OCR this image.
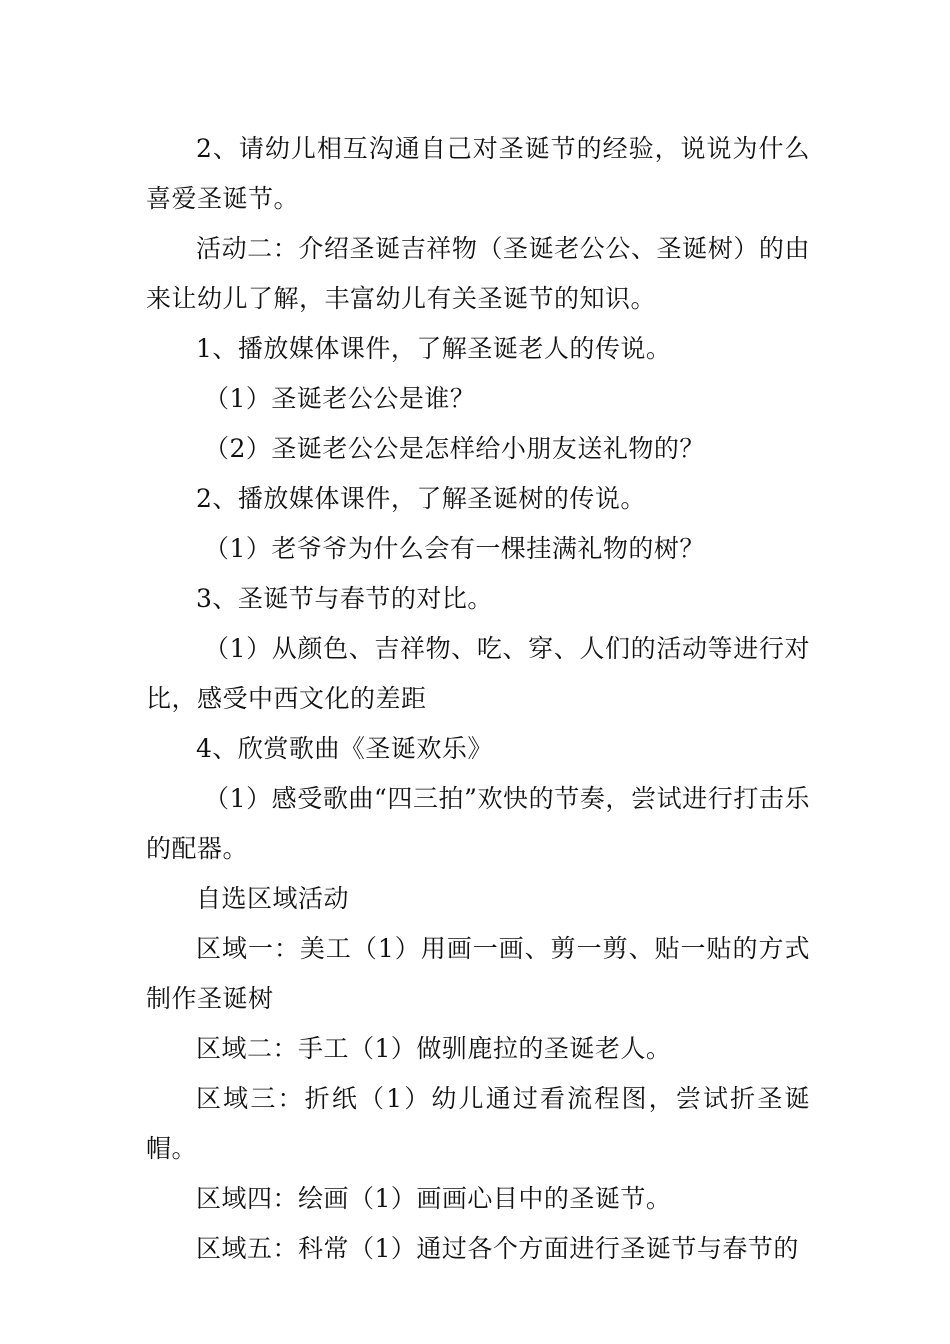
2、请幼儿相互沟通自己对圣诞节的经验，说说为什么喜爱圣诞节。

活动二：介绍圣诞吉祥物（圣诞老公公、圣诞树）的由来让幼儿了解，丰富幼儿有关圣诞节的知识。

1、播放媒体课件，了解圣诞老人的传说。

（1）圣诞老公公是谁？

（2）圣诞老公公是怎样给小朋友送礼物的？

2、播放媒体课件，了解圣诞树的传说。

（1）老爷爷为什么会有一棵挂满礼物的树？

3、圣诞节与春节的对比。

（1）从颜色、吉祥物、吃、穿、人们的活动等进行对比，感受中西文化的差距

4、欣赏歌曲《圣诞欢乐》

（1）感受歌曲“四三拍”欢快的节奏，尝试进行打击乐的配器。

自选区域活动

区域一：美工（1）用画一画、剪一剪、贴一贴的方式制作圣诞树

区域二：手工（1）做驯鹿拉的圣诞老人。

区域三：折纸（1）幼儿通过看流程图，尝试折圣诞帽。

区域四：绘画（1）画画心目中的圣诞节。

区域五：科常（1）通过各个方面进行圣诞节与春节的
